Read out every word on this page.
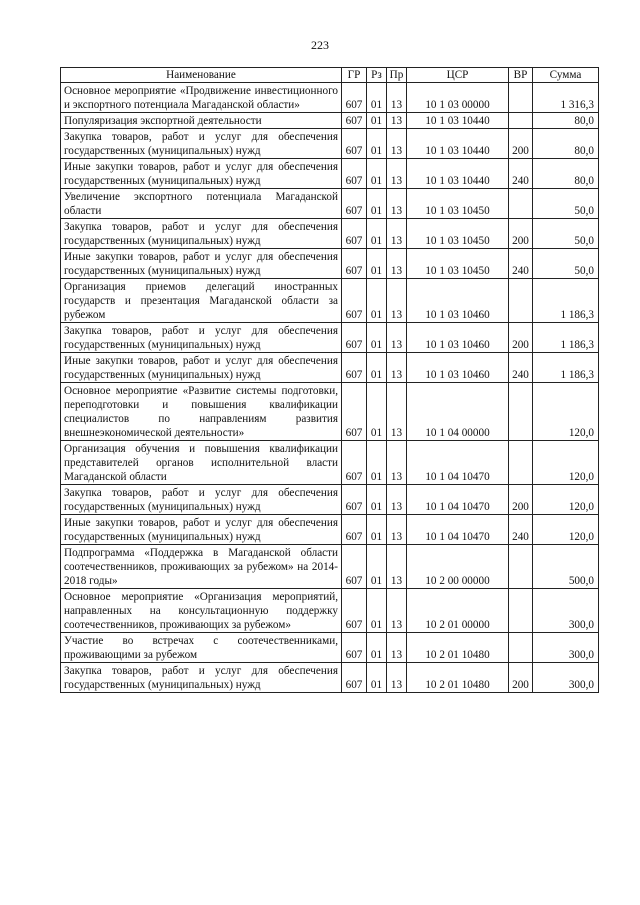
223
Наименование	ГР	Рз	Пр	ЦСР	ВР	Сумма
Основное мероприятие «Продвижение инвестиционного и экспортного потенциала Магаданской области»	607	01	13	10 1 03 00000		1 316,3
Популяризация экспортной деятельности	607	01	13	10 1 03 10440		80,0
Закупка товаров, работ и услуг для обеспечения государственных (муниципальных) нужд	607	01	13	10 1 03 10440	200	80,0
Иные закупки товаров, работ и услуг для обеспечения государственных (муниципальных) нужд	607	01	13	10 1 03 10440	240	80,0
Увеличение экспортного потенциала Магаданской области	607	01	13	10 1 03 10450		50,0
Закупка товаров, работ и услуг для обеспечения государственных (муниципальных) нужд	607	01	13	10 1 03 10450	200	50,0
Иные закупки товаров, работ и услуг для обеспечения государственных (муниципальных) нужд	607	01	13	10 1 03 10450	240	50,0
Организация приемов делегаций иностранных государств и презентация Магаданской области за рубежом	607	01	13	10 1 03 10460		1 186,3
Закупка товаров, работ и услуг для обеспечения государственных (муниципальных) нужд	607	01	13	10 1 03 10460	200	1 186,3
Иные закупки товаров, работ и услуг для обеспечения государственных (муниципальных) нужд	607	01	13	10 1 03 10460	240	1 186,3
Основное мероприятие «Развитие системы подготовки, переподготовки и повышения квалификации специалистов по направлениям развития внешнеэкономической деятельности»	607	01	13	10 1 04 00000		120,0
Организация обучения и повышения квалификации представителей органов исполнительной власти Магаданской области	607	01	13	10 1 04 10470		120,0
Закупка товаров, работ и услуг для обеспечения государственных (муниципальных) нужд	607	01	13	10 1 04 10470	200	120,0
Иные закупки товаров, работ и услуг для обеспечения государственных (муниципальных) нужд	607	01	13	10 1 04 10470	240	120,0
Подпрограмма «Поддержка в Магаданской области соотечественников, проживающих за рубежом» на 2014-2018 годы»	607	01	13	10 2 00 00000		500,0
Основное мероприятие «Организация мероприятий, направленных на консультационную поддержку соотечественников, проживающих за рубежом»	607	01	13	10 2 01 00000		300,0
Участие во встречах с соотечественниками, проживающими за рубежом	607	01	13	10 2 01 10480		300,0
Закупка товаров, работ и услуг для обеспечения государственных (муниципальных) нужд	607	01	13	10 2 01 10480	200	300,0
